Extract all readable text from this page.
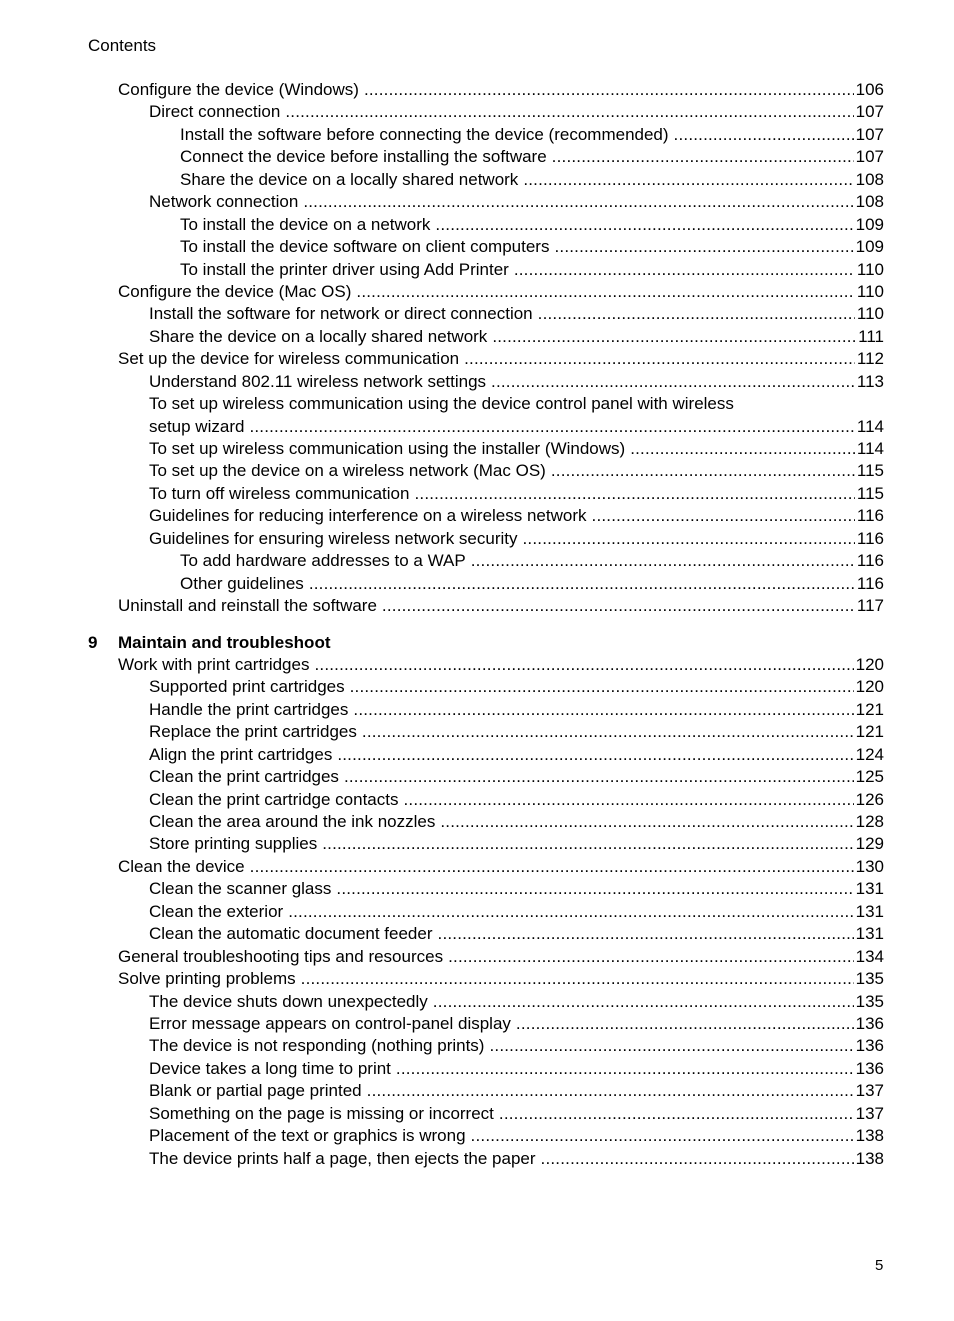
Contents
Configure the device (Windows) .....	106
Direct connection .....	107
Install the software before connecting the device (recommended) .....	107
Connect the device before installing the software .....	107
Share the device on a locally shared network .....	108
Network connection .....	108
To install the device on a network .....	109
To install the device software on client computers .....	109
To install the printer driver using Add Printer .....	110
Configure the device (Mac OS) .....	110
Install the software for network or direct connection .....	110
Share the device on a locally shared network .....	111
Set up the device for wireless communication .....	112
Understand 802.11 wireless network settings .....	113
To set up wireless communication using the device control panel with wireless
setup wizard .....	114
To set up wireless communication using the installer (Windows) .....	114
To set up the device on a wireless network (Mac OS) .....	115
To turn off wireless communication .....	115
Guidelines for reducing interference on a wireless network .....	116
Guidelines for ensuring wireless network security .....	116
To add hardware addresses to a WAP .....	116
Other guidelines .....	116
Uninstall and reinstall the software .....	117
9	Maintain and troubleshoot
Work with print cartridges .....	120
Supported print cartridges .....	120
Handle the print cartridges .....	121
Replace the print cartridges .....	121
Align the print cartridges .....	124
Clean the print cartridges .....	125
Clean the print cartridge contacts .....	126
Clean the area around the ink nozzles .....	128
Store printing supplies .....	129
Clean the device .....	130
Clean the scanner glass .....	131
Clean the exterior .....	131
Clean the automatic document feeder .....	131
General troubleshooting tips and resources .....	134
Solve printing problems .....	135
The device shuts down unexpectedly .....	135
Error message appears on control-panel display .....	136
The device is not responding (nothing prints) .....	136
Device takes a long time to print .....	136
Blank or partial page printed .....	137
Something on the page is missing or incorrect .....	137
Placement of the text or graphics is wrong .....	138
The device prints half a page, then ejects the paper .....	138
5
